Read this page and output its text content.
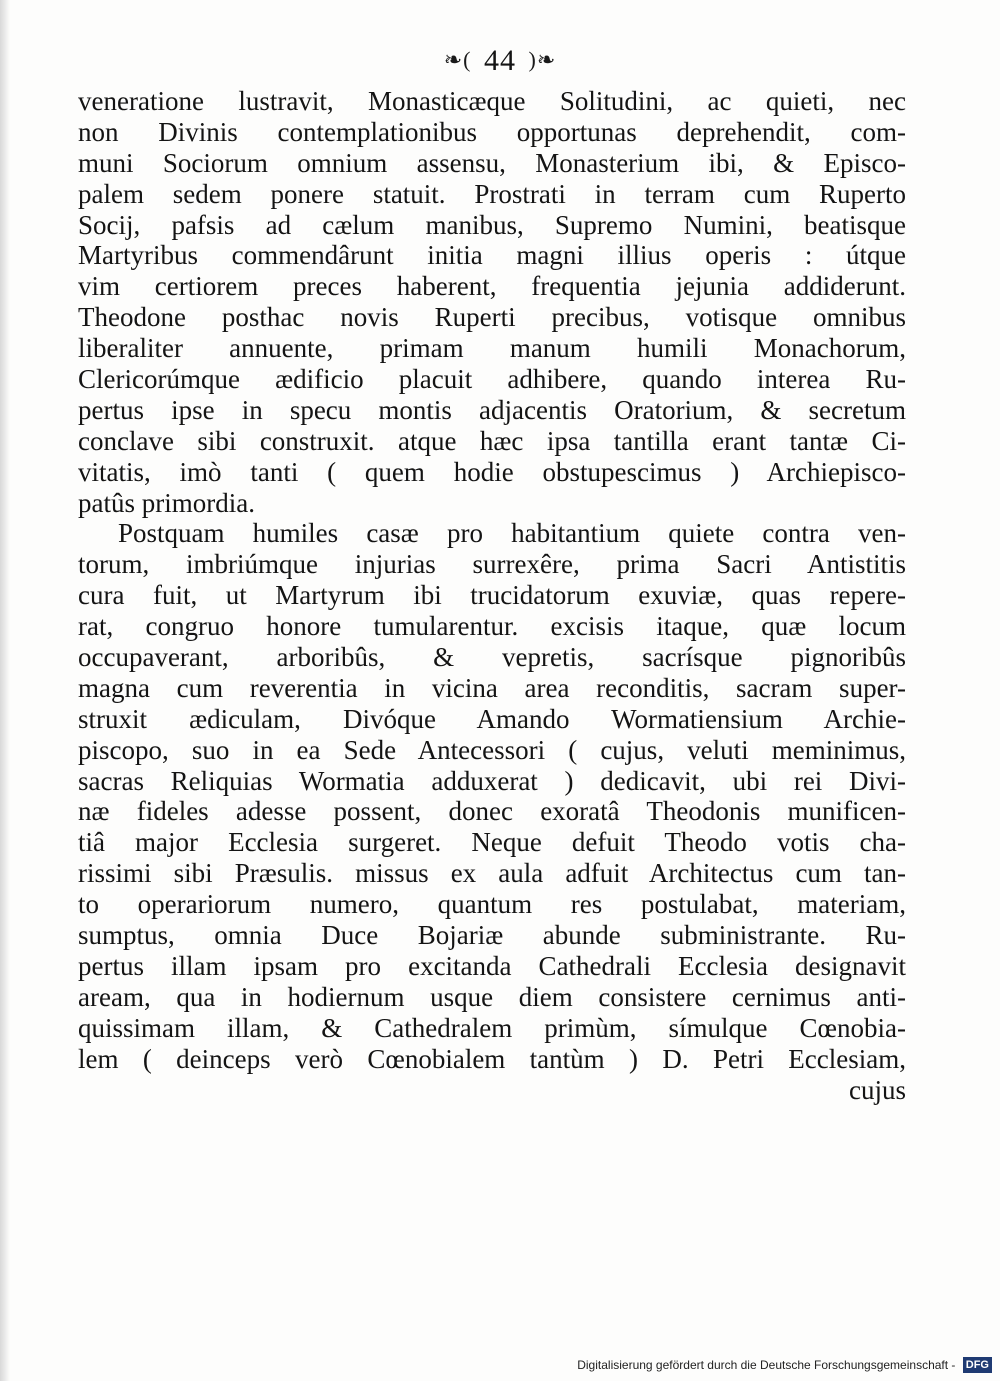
❧( 44 )❧
veneratione lustravit, Monasticæque Solitudini, ac quieti, nec
non Divinis contemplationibus opportunas deprehendit, com-
muni Sociorum omnium assensu, Monasterium ibi, & Episco-
palem sedem ponere statuit. Prostrati in terram cum Ruperto
Socij, pafsis ad cælum manibus, Supremo Numini, beatisque
Martyribus commendârunt initia magni illius operis : útque
vim certiorem preces haberent, frequentia jejunia addiderunt.
Theodone posthac novis Ruperti precibus, votisque omnibus
liberaliter annuente, primam manum humili Monachorum,
Clericorúmque ædificio placuit adhibere, quando interea Ru-
pertus ipse in specu montis adjacentis Oratorium, & secretum
conclave sibi construxit. atque hæc ipsa tantilla erant tantæ Ci-
vitatis, imò tanti ( quem hodie obstupescimus ) Archiepisco-
patûs primordia.
Postquam humiles casæ pro habitantium quiete contra ven-
torum, imbriúmque injurias surrexêre, prima Sacri Antistitis
cura fuit, ut Martyrum ibi trucidatorum exuviæ, quas repere-
rat, congruo honore tumularentur. excisis itaque, quæ locum
occupaverant, arboribûs, & vepretis, sacrísque pignoribûs
magna cum reverentia in vicina area reconditis, sacram super-
struxit ædiculam, Divóque Amando Wormatiensium Archie-
piscopo, suo in ea Sede Antecessori ( cujus, veluti meminimus,
sacras Reliquias Wormatia adduxerat ) dedicavit, ubi rei Divi-
næ fideles adesse possent, donec exoratâ Theodonis munificen-
tiâ major Ecclesia surgeret. Neque defuit Theodo votis cha-
rissimi sibi Præsulis. missus ex aula adfuit Architectus cum tan-
to operariorum numero, quantum res postulabat, materiam,
sumptus, omnia Duce Bojariæ abunde subministrante. Ru-
pertus illam ipsam pro excitanda Cathedrali Ecclesia designavit
aream, qua in hodiernum usque diem consistere cernimus anti-
quissimam illam, & Cathedralem primùm, símulque Cœnobia-
lem ( deinceps verò Cœnobialem tantùm ) D. Petri Ecclesiam,
cujus
Digitalisierung gefördert durch die Deutsche Forschungsgemeinschaft - DFG
